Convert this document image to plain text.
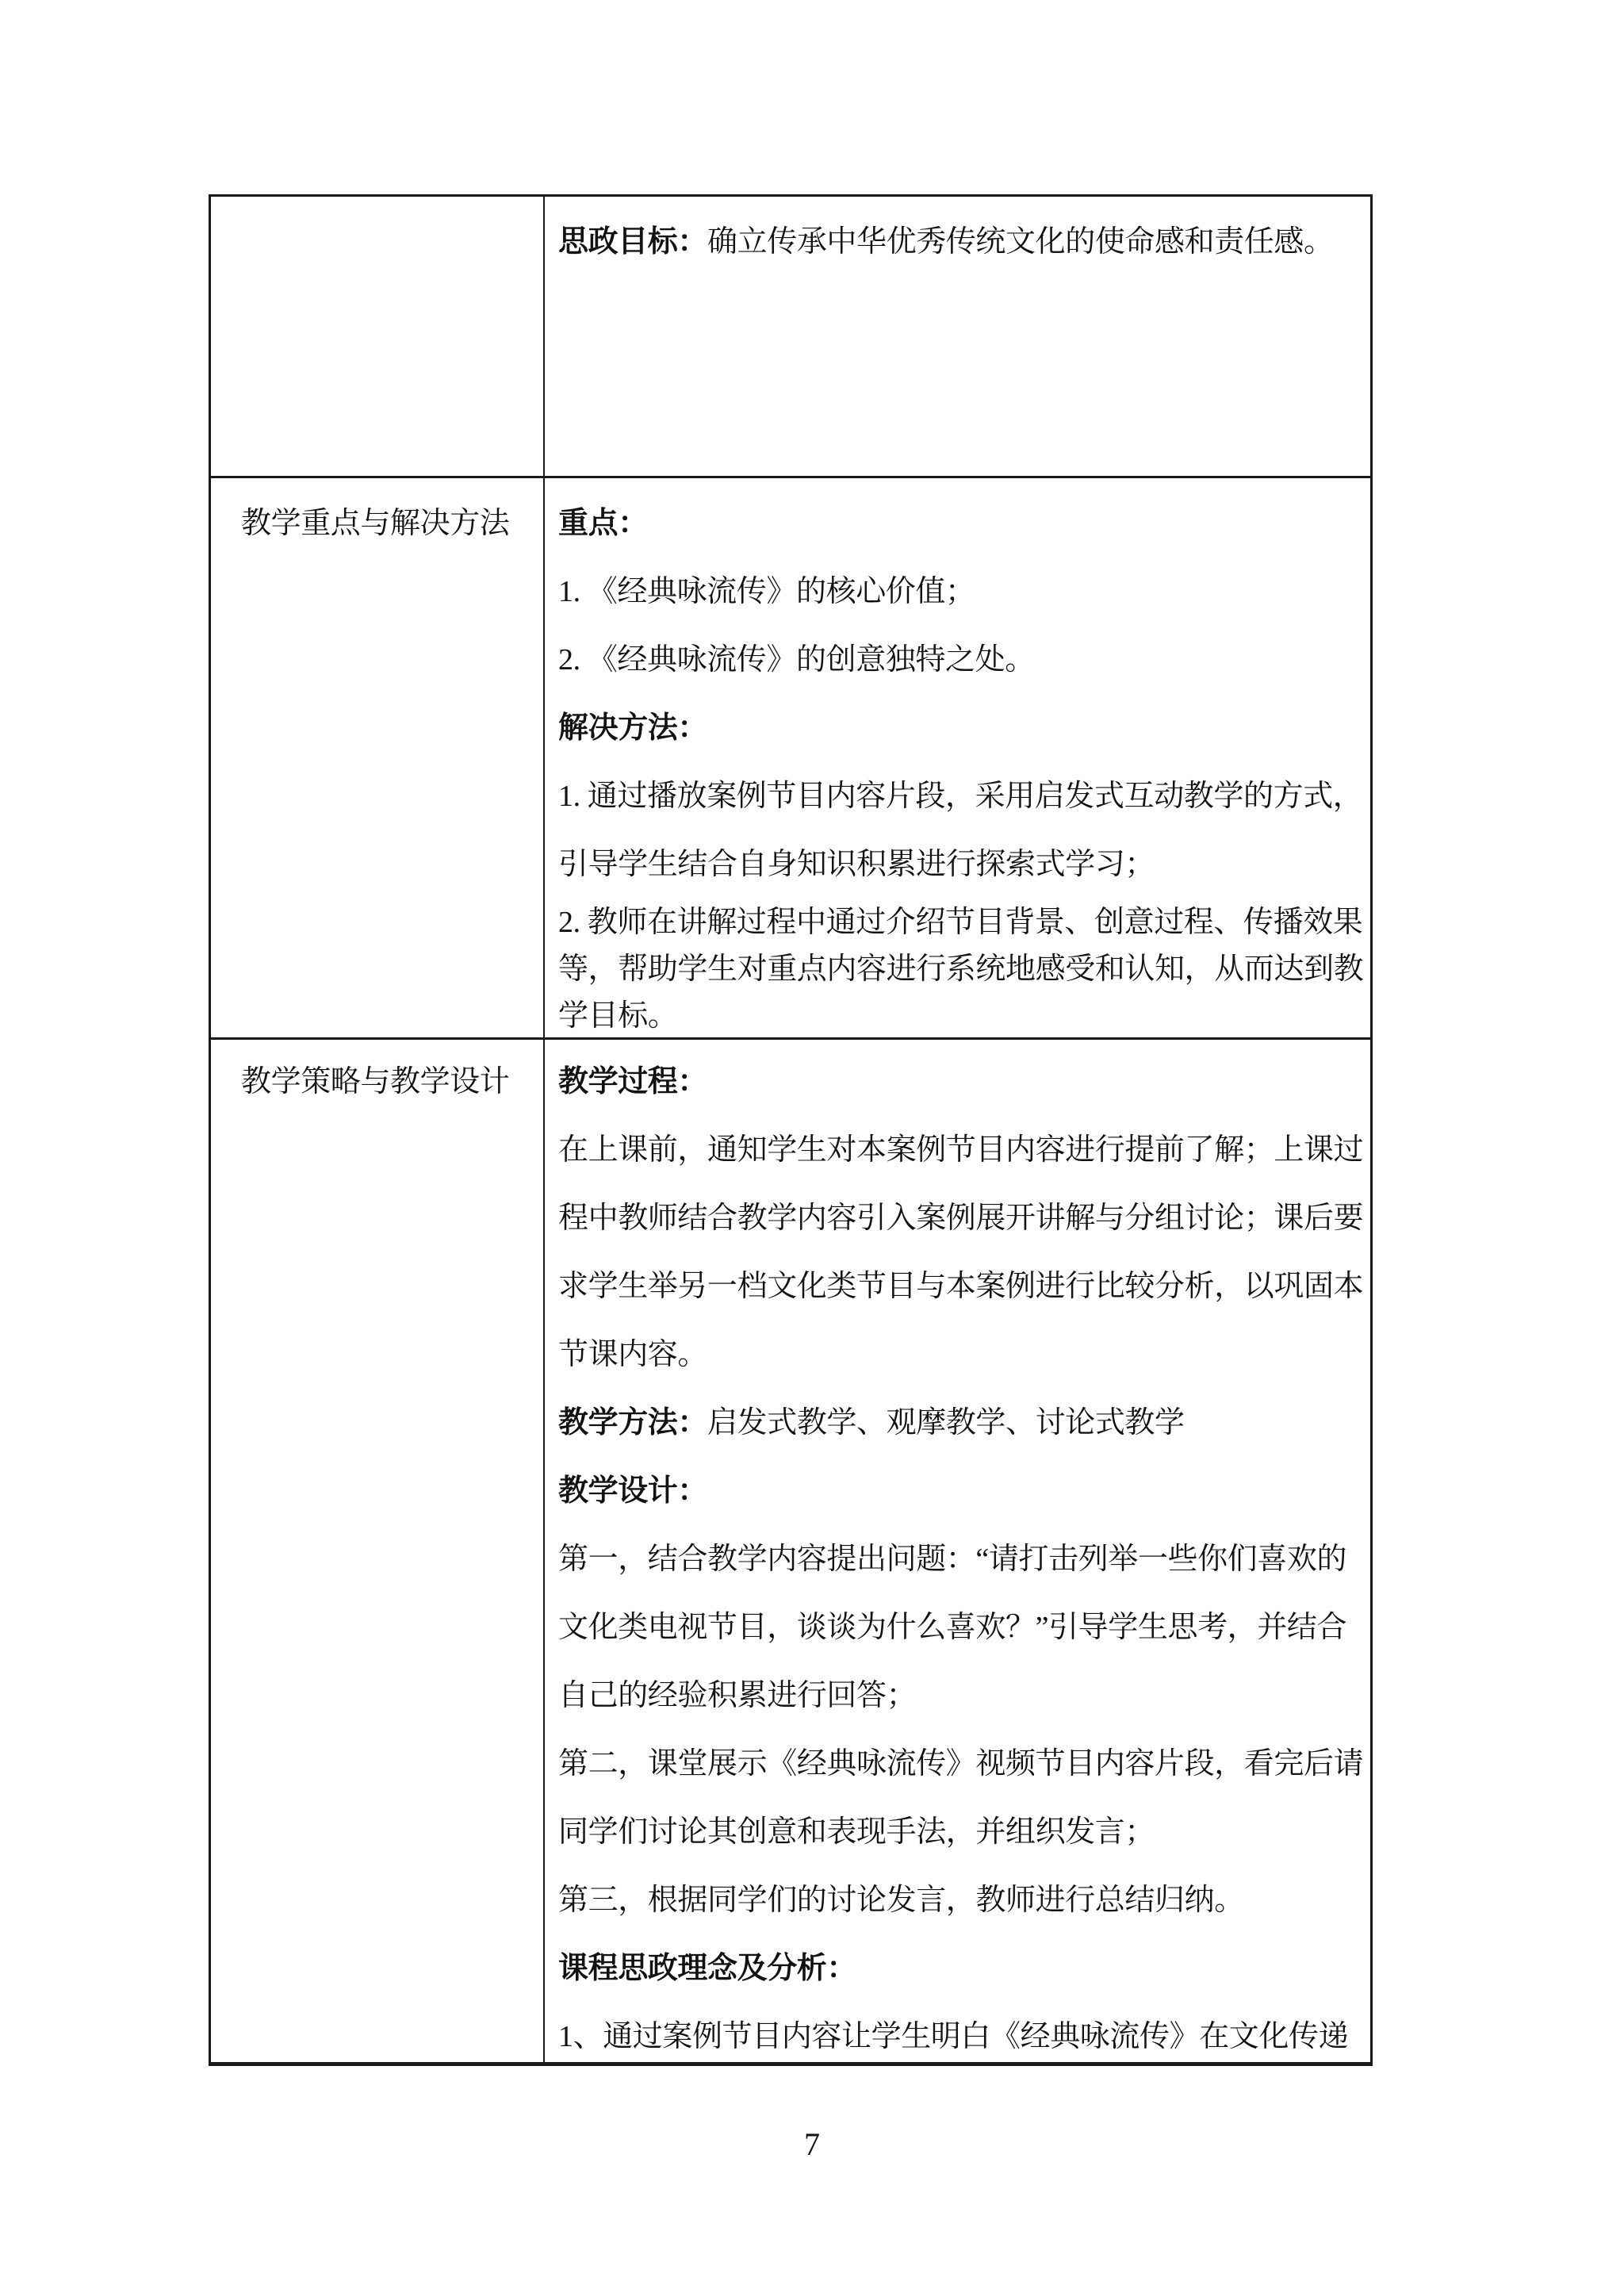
思政目标： 确立传承中华优秀传统文化的使命感和责任感。
教学重点与解决方法	重点：
1. 《经典咏流传》的核心价值；
2. 《经典咏流传》的创意独特之处。
解决方法：
1. 通过播放案例节目内容片段，采用启发式互动教学的方式，
引导学生结合自身知识积累进行探索式学习；
2. 教师在讲解过程中通过介绍节目背景、创意过程、传播效果
等，帮助学生对重点内容进行系统地感受和认知，从而达到教
学目标。
教学策略与教学设计	教学过程：
在上课前，通知学生对本案例节目内容进行提前了解；上课过
程中教师结合教学内容引入案例展开讲解与分组讨论；课后要
求学生举另一档文化类节目与本案例进行比较分析，以巩固本
节课内容。
教学方法： 启发式教学、观摩教学、讨论式教学
教学设计：
第一，结合教学内容提出问题：“请打击列举一些你们喜欢的
文化类电视节目，谈谈为什么喜欢？”引导学生思考，并结合
自己的经验积累进行回答；
第二，课堂展示《经典咏流传》视频节目内容片段，看完后请
同学们讨论其创意和表现手法，并组织发言；
第三，根据同学们的讨论发言，教师进行总结归纳。
课程思政理念及分析：
1、通过案例节目内容让学生明白《经典咏流传》在文化传递
7
